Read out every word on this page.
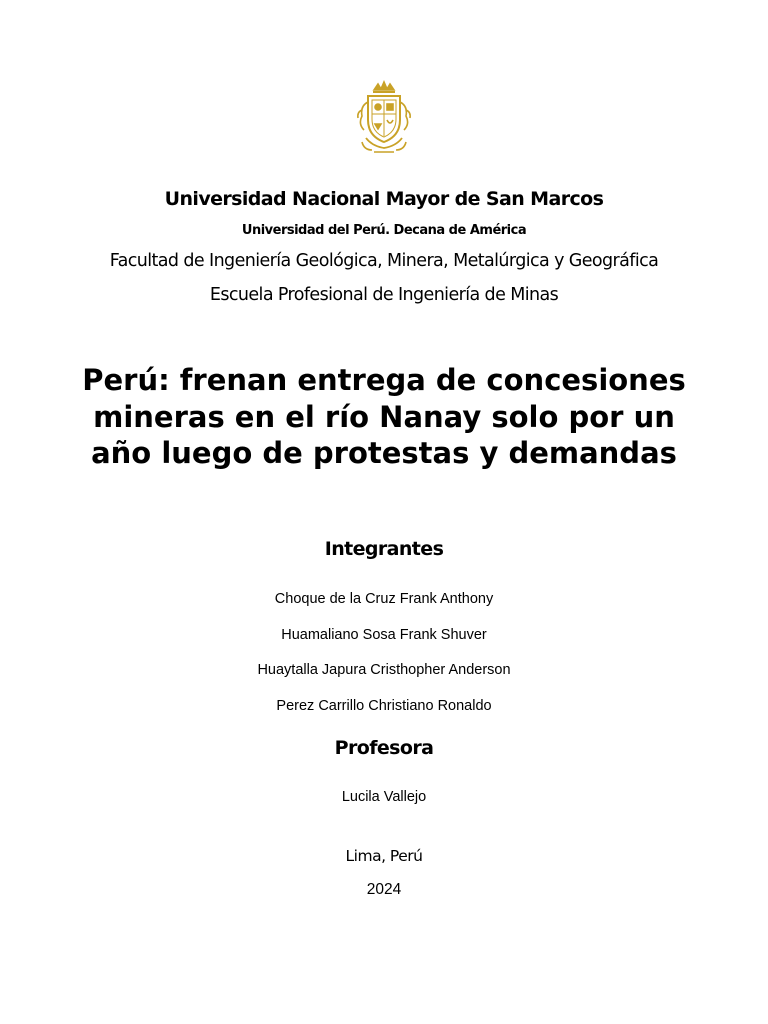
Universidad Nacional Mayor de San Marcos
Universidad del Perú. Decana de América
Facultad de Ingeniería Geológica, Minera, Metalúrgica y Geográfica
Escuela Profesional de Ingeniería de Minas
Perú: frenan entrega de concesiones mineras en el río Nanay solo por un año luego de protestas y demandas
Integrantes
Choque de la Cruz Frank Anthony
Huamaliano Sosa Frank Shuver
Huaytalla Japura Cristhopher Anderson
Perez Carrillo Christiano Ronaldo
Profesora
Lucila Vallejo
Lima, Perú
2024
